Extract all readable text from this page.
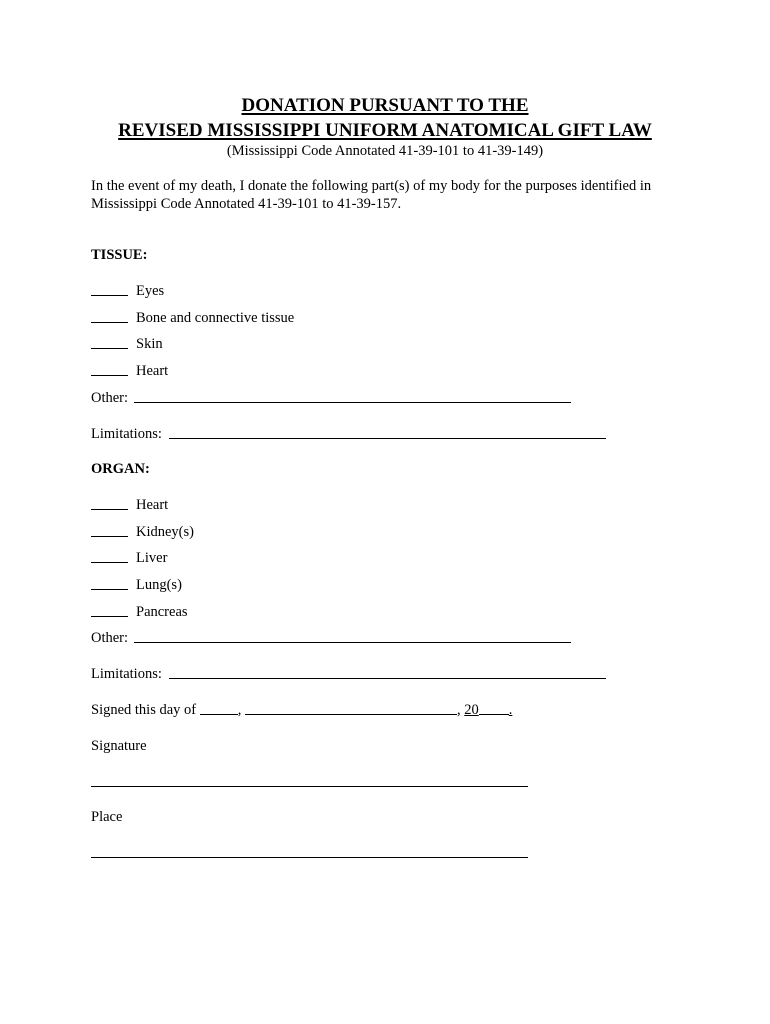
DONATION PURSUANT TO THE
REVISED MISSISSIPPI UNIFORM ANATOMICAL GIFT LAW
(Mississippi Code Annotated 41-39-101 to 41-39-149)
In the event of my death, I donate the following part(s) of my body for the purposes identified in
Mississippi Code Annotated 41-39-101 to 41-39-157.
TISSUE:
Eyes
Bone and connective tissue
Skin
Heart
Other:
Limitations:
ORGAN:
Heart
Kidney(s)
Liver
Lung(s)
Pancreas
Other:
Limitations:
Signed this day of	,	, 20 .
Signature
Place
